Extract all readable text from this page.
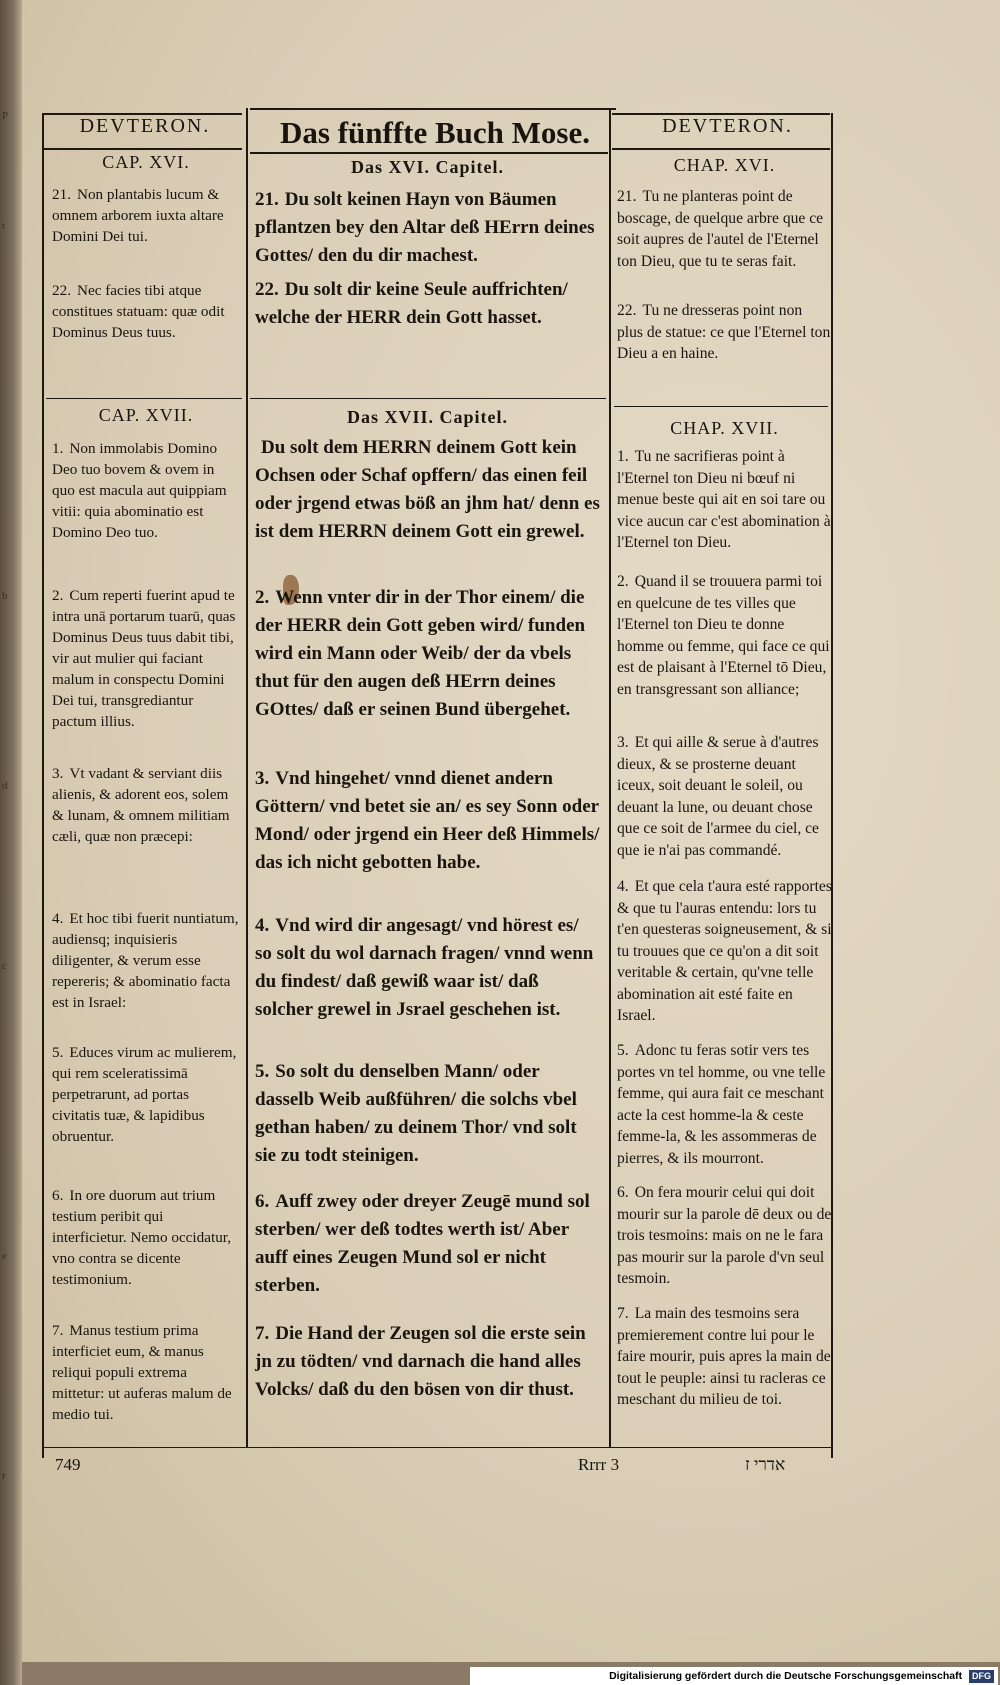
P
t
b
d
c
e
r
DEVTERON.	Das fünffte Buch Mose.	DEVTERON.
CAP. XVI.
21. Non plantabis lucum & omnem arborem iuxta altare Domini Dei tui.
22. Nec facies tibi atque constitues statuam: quæ odit Dominus Deus tuus.
CAP. XVII.
1. Non immolabis Domino Deo tuo bovem & ovem in quo est macula aut quippiam vitii: quia abominatio est Domino Deo tuo.
2. Cum reperti fuerint apud te intra unā portarum tuarū, quas Dominus Deus tuus dabit tibi, vir aut mulier qui faciant malum in conspectu Domini Dei tui, transgrediantur pactum illius.
3. Vt vadant & serviant diis alienis, & adorent eos, solem & lunam, & omnem militiam cæli, quæ non præcepi:
4. Et hoc tibi fuerit nuntiatum, audiensq; inquisieris diligenter, & verum esse repereris; & abominatio facta est in Israel:
5. Educes virum ac mulierem, qui rem sceleratissimā perpetrarunt, ad portas civitatis tuæ, & lapidibus obruentur.
6. In ore duorum aut trium testium peribit qui interficietur. Nemo occidatur, vno contra se dicente testimonium.
7. Manus testium prima interficiet eum, & manus reliqui populi extrema mittetur: ut auferas malum de medio tui.
Das XVI. Capitel.
21. Du solt keinen Hayn von Bäumen pflantzen bey den Altar deß HErrn deines Gottes/ den du dir machest.
22. Du solt dir keine Seule auffrichten/ welche der HERR dein Gott hasset.
Das XVII. Capitel.
Du solt dem HERRN deinem Gott kein Ochsen oder Schaf opffern/ das einen feil oder jrgend etwas böß an jhm hat/ denn es ist dem HERRN deinem Gott ein grewel.
2. Wenn vnter dir in der Thor einem/ die der HERR dein Gott geben wird/ funden wird ein Mann oder Weib/ der da vbels thut für den augen deß HErrn deines GOttes/ daß er seinen Bund übergehet.
3. Vnd hingehet/ vnnd dienet andern Göttern/ vnd betet sie an/ es sey Sonn oder Mond/ oder jrgend ein Heer deß Himmels/ das ich nicht gebotten habe.
4. Vnd wird dir angesagt/ vnd hörest es/ so solt du wol darnach fragen/ vnnd wenn du findest/ daß gewiß waar ist/ daß solcher grewel in Jsrael geschehen ist.
5. So solt du denselben Mann/ oder dasselb Weib außführen/ die solchs vbel gethan haben/ zu deinem Thor/ vnd solt sie zu todt steinigen.
6. Auff zwey oder dreyer Zeugē mund sol sterben/ wer deß todtes werth ist/ Aber auff eines Zeugen Mund sol er nicht sterben.
7. Die Hand der Zeugen sol die erste sein jn zu tödten/ vnd darnach die hand alles Volcks/ daß du den bösen von dir thust.
CHAP. XVI.
21. Tu ne planteras point de boscage, de quelque arbre que ce soit aupres de l'autel de l'Eternel ton Dieu, que tu te seras fait.
22. Tu ne dresseras point non plus de statue: ce que l'Eternel ton Dieu a en haine.
CHAP. XVII.
1. Tu ne sacrifieras point à l'Eternel ton Dieu ni bœuf ni menue beste qui ait en soi tare ou vice aucun car c'est abomination à l'Eternel ton Dieu.
2. Quand il se trouuera parmi toi en quelcune de tes villes que l'Eternel ton Dieu te donne homme ou femme, qui face ce qui est de plaisant à l'Eternel tō Dieu, en transgressant son alliance;
3. Et qui aille & serue à d'autres dieux, & se prosterne deuant iceux, soit deuant le soleil, ou deuant la lune, ou deuant chose que ce soit de l'armee du ciel, ce que ie n'ai pas commandé.
4. Et que cela t'aura esté rapportes & que tu l'auras entendu: lors tu t'en questeras soigneusement, & si tu trouues que ce qu'on a dit soit veritable & certain, qu'vne telle abomination ait esté faite en Israel.
5. Adonc tu feras sotir vers tes portes vn tel homme, ou vne telle femme, qui aura fait ce meschant acte la cest homme-la & ceste femme-la, & les assommeras de pierres, & ils mourront.
6. On fera mourir celui qui doit mourir sur la parole dē deux ou de trois tesmoins: mais on ne le fara pas mourir sur la parole d'vn seul tesmoin.
7. La main des tesmoins sera premierement contre lui pour le faire mourir, puis apres la main de tout le peuple: ainsi tu racleras ce meschant du milieu de toi.
749	Rrrr 3	אדרי ז
Digitalisierung gefördert durch die Deutsche Forschungsgemeinschaft DFG
